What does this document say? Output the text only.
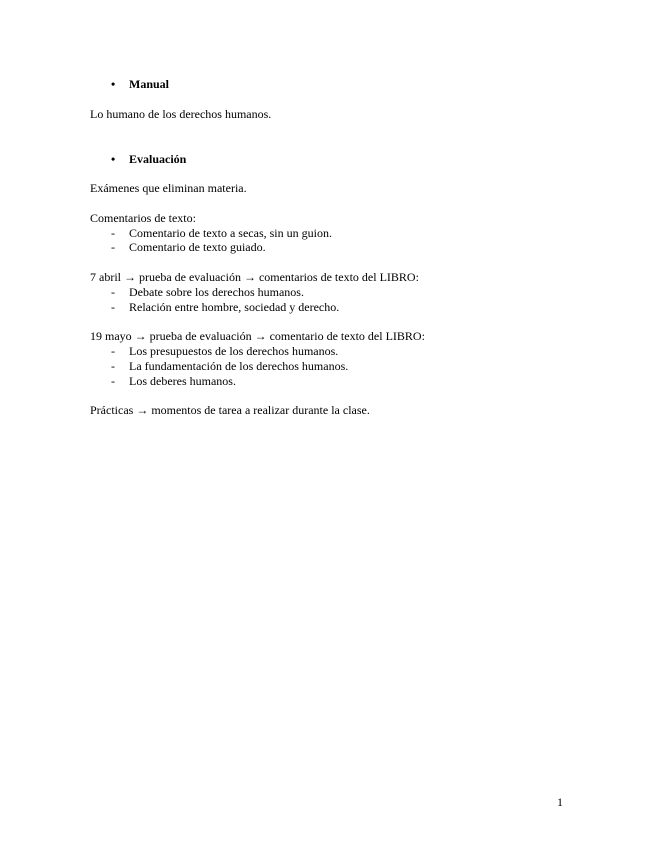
• Manual
Lo humano de los derechos humanos.
• Evaluación
Exámenes que eliminan materia.
Comentarios de texto:
- Comentario de texto a secas, sin un guion.
- Comentario de texto guiado.
7 abril → prueba de evaluación → comentarios de texto del LIBRO:
- Debate sobre los derechos humanos.
- Relación entre hombre, sociedad y derecho.
19 mayo → prueba de evaluación → comentario de texto del LIBRO:
- Los presupuestos de los derechos humanos.
- La fundamentación de los derechos humanos.
- Los deberes humanos.
Prácticas → momentos de tarea a realizar durante la clase.
1
